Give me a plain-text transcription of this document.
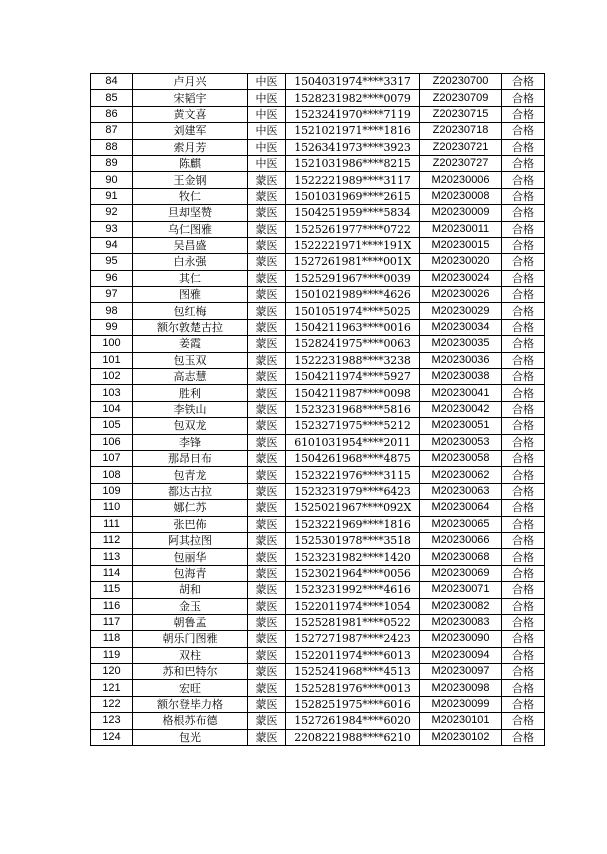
84	卢月兴	中医	1504031974****3317	Z20230700	合格
85	宋韬宇	中医	1528231982****0079	Z20230709	合格
86	黄文喜	中医	1523241970****7119	Z20230715	合格
87	刘建军	中医	1521021971****1816	Z20230718	合格
88	索月芳	中医	1526341973****3923	Z20230721	合格
89	陈麒	中医	1521031986****8215	Z20230727	合格
90	王金钢	蒙医	1522221989****3117	M20230006	合格
91	牧仁	蒙医	1501031969****2615	M20230008	合格
92	旦却坚赞	蒙医	1504251959****5834	M20230009	合格
93	乌仁图雅	蒙医	1525261977****0722	M20230011	合格
94	吴昌盛	蒙医	1522221971****191X	M20230015	合格
95	白永强	蒙医	1527261981****001X	M20230020	合格
96	其仁	蒙医	1525291967****0039	M20230024	合格
97	图雅	蒙医	1501021989****4626	M20230026	合格
98	包红梅	蒙医	1501051974****5025	M20230029	合格
99	额尔敦楚古拉	蒙医	1504211963****0016	M20230034	合格
100	姜霞	蒙医	1528241975****0063	M20230035	合格
101	包玉双	蒙医	1522231988****3238	M20230036	合格
102	高志慧	蒙医	1504211974****5927	M20230038	合格
103	胜利	蒙医	1504211987****0098	M20230041	合格
104	李铁山	蒙医	1523231968****5816	M20230042	合格
105	包双龙	蒙医	1523271975****5212	M20230051	合格
106	李锋	蒙医	6101031954****2011	M20230053	合格
107	那昂日布	蒙医	1504261968****4875	M20230058	合格
108	包青龙	蒙医	1523221976****3115	M20230062	合格
109	都达古拉	蒙医	1523231979****6423	M20230063	合格
110	娜仁苏	蒙医	1525021967****092X	M20230064	合格
111	张巴佈	蒙医	1523221969****1816	M20230065	合格
112	阿其拉图	蒙医	1525301978****3518	M20230066	合格
113	包丽华	蒙医	1523231982****1420	M20230068	合格
114	包海青	蒙医	1523021964****0056	M20230069	合格
115	胡和	蒙医	1523231992****4616	M20230071	合格
116	金玉	蒙医	1522011974****1054	M20230082	合格
117	朝鲁孟	蒙医	1525281981****0522	M20230083	合格
118	朝乐门图雅	蒙医	1527271987****2423	M20230090	合格
119	双柱	蒙医	1522011974****6013	M20230094	合格
120	苏和巴特尔	蒙医	1525241968****4513	M20230097	合格
121	宏旺	蒙医	1525281976****0013	M20230098	合格
122	额尔登毕力格	蒙医	1528251975****6016	M20230099	合格
123	格根苏布德	蒙医	1527261984****6020	M20230101	合格
124	包光	蒙医	2208221988****6210	M20230102	合格
